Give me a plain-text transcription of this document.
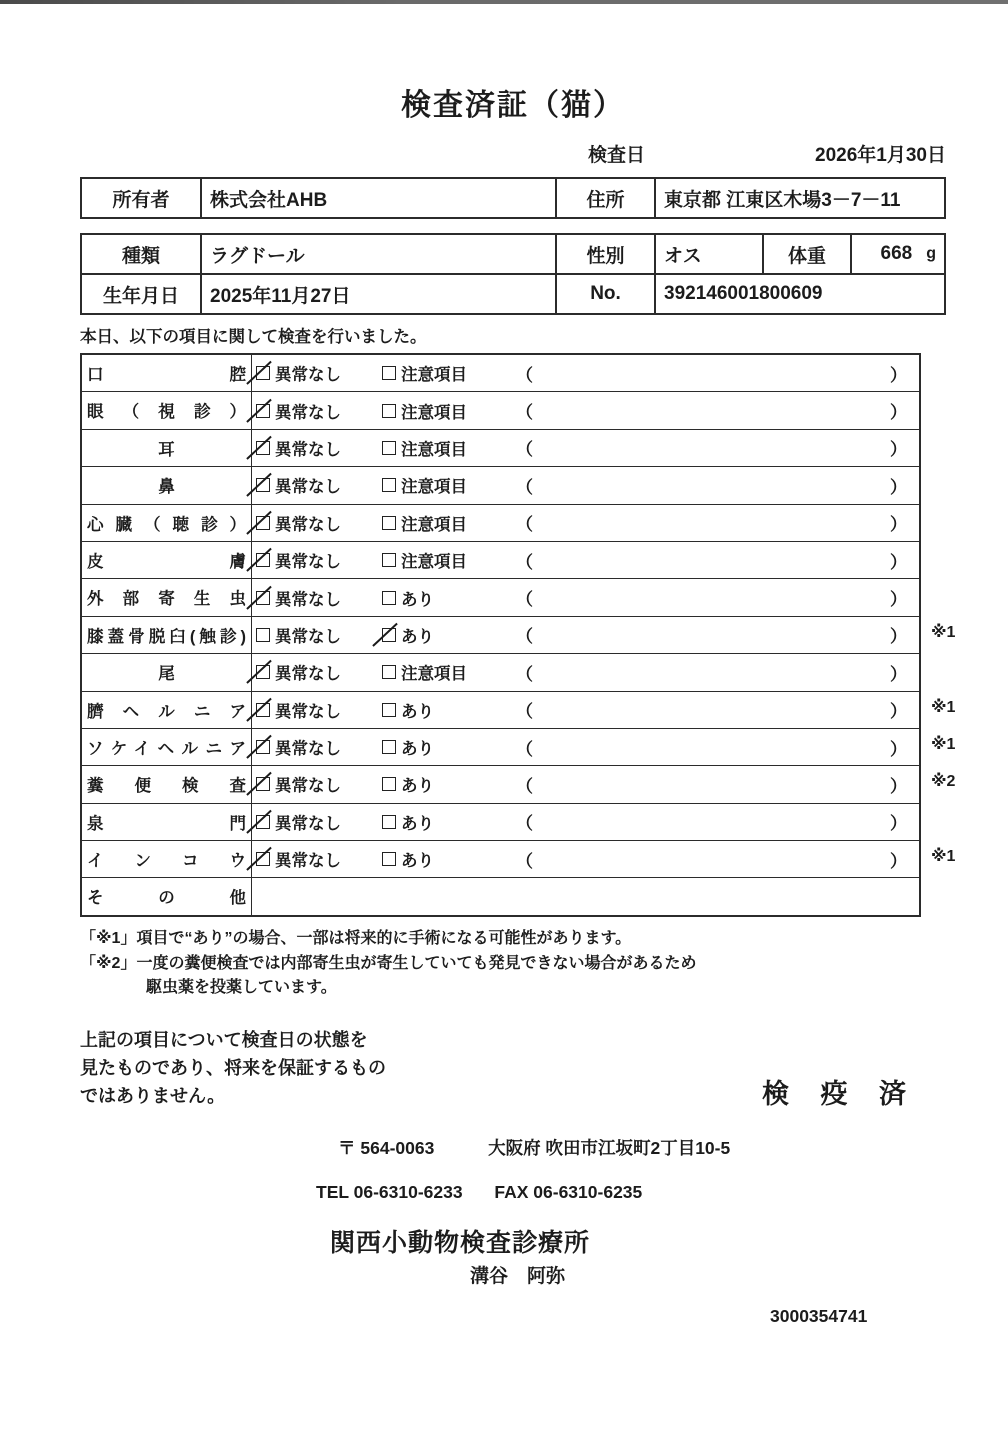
検査済証（猫）
検査日	2026年1月30日
所有者	株式会社AHB	住所	東京都 江東区木場3－7－11
種類	ラグドール	性別	オス	体重	668 g

生年月日	2025年11月27日	No.	392146001800609		

本日、以下の項目に関して検査を行いました。

口腔	異常なし	注意項目	（	）
眼 （ 視 診 ）	異常なし	注意項目	（	）
耳	異常なし	注意項目	（	）
鼻	異常なし	注意項目	（	）
心 臓 （ 聴 診 ）	異常なし	注意項目	（	）
皮膚	異常なし	注意項目	（	）
外 部 寄 生 虫	異常なし	あり	（	）
膝蓋骨脱臼(触診)	異常なし	あり	（	） ※1
尾	異常なし	注意項目	（	）
臍 ヘ ル ニ ア	異常なし	あり	（	） ※1
ソケイヘルニア	異常なし	あり	（	） ※1
糞 便 検 査	異常なし	あり	（	） ※2
泉門	異常なし	あり	（	）
イ ン コ ウ	異常なし	あり	（	） ※1
その他
「※1」項目で“あり”の場合、一部は将来的に手術になる可能性があります。
「※2」一度の糞便検査では内部寄生虫が寄生していても発見できない場合があるため
駆虫薬を投薬しています。
上記の項目について検査日の状態を
見たものであり、将来を保証するもの
ではありません。	検 疫 済
〒 564-0063	大阪府 吹田市江坂町2丁目10-5
TEL 06-6310-6233 FAX 06-6310-6235
関西小動物検査診療所
溝谷　阿弥
3000354741
